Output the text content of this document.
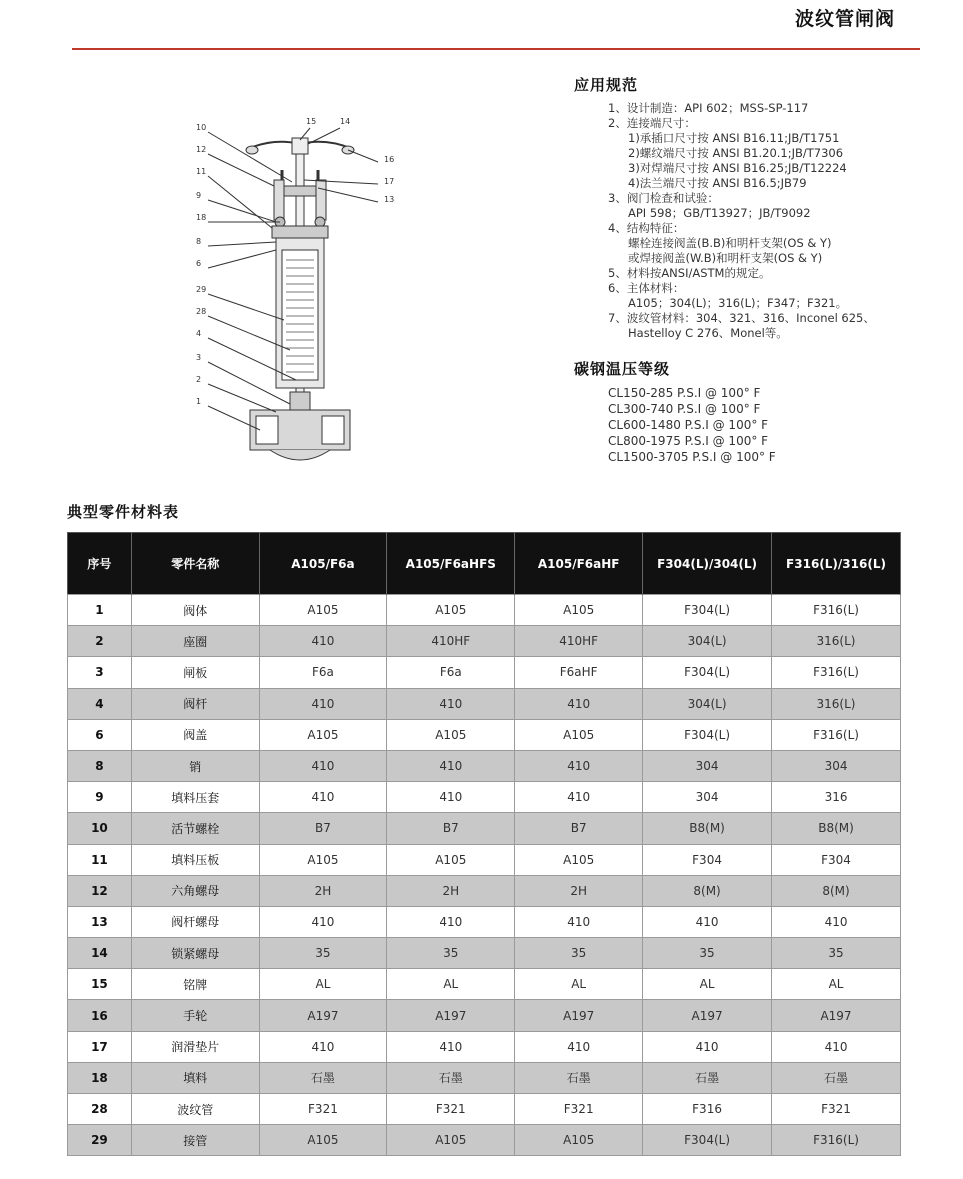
波纹管闸阀
10
12
11
9
18
8
6
29
28
4
3
2
1
15	14
16
17
13
应用规范
1、设计制造：API 602；MSS-SP-117
2、连接端尺寸：
1)承插口尺寸按 ANSI B16.11;JB/T1751
2)螺纹端尺寸按 ANSI B1.20.1;JB/T7306
3)对焊端尺寸按 ANSI B16.25;JB/T12224
4)法兰端尺寸按 ANSI B16.5;JB79
3、阀门检查和试验：
API 598；GB/T13927；JB/T9092
4、结构特征：
螺栓连接阀盖(B.B)和明杆支架(OS & Y)
或焊接阀盖(W.B)和明杆支架(OS & Y)
5、材料按ANSI/ASTM的规定。
6、主体材料：
A105；304(L)；316(L)；F347；F321。
7、波纹管材料：304、321、316、Inconel 625、
Hastelloy C 276、Monel等。
碳钢温压等级
CL150-285 P.S.I @ 100° F
CL300-740 P.S.I @ 100° F
CL600-1480 P.S.I @ 100° F
CL800-1975 P.S.I @ 100° F
CL1500-3705 P.S.I @ 100° F
典型零件材料表
序号	零件名称	A105/F6a	A105/F6aHFS	A105/F6aHF	F304(L)/304(L)	F316(L)/316(L)
1	阀体	A105	A105	A105	F304(L)	F316(L)
2	座圈	410	410HF	410HF	304(L)	316(L)
3	闸板	F6a	F6a	F6aHF	F304(L)	F316(L)
4	阀杆	410	410	410	304(L)	316(L)
6	阀盖	A105	A105	A105	F304(L)	F316(L)
8	销	410	410	410	304	304
9	填料压套	410	410	410	304	316
10	活节螺栓	B7	B7	B7	B8(M)	B8(M)
11	填料压板	A105	A105	A105	F304	F304
12	六角螺母	2H	2H	2H	8(M)	8(M)
13	阀杆螺母	410	410	410	410	410
14	锁紧螺母	35	35	35	35	35
15	铭牌	AL	AL	AL	AL	AL
16	手轮	A197	A197	A197	A197	A197
17	润滑垫片	410	410	410	410	410
18	填料	石墨	石墨	石墨	石墨	石墨
28	波纹管	F321	F321	F321	F316	F321
29	接管	A105	A105	A105	F304(L)	F316(L)
